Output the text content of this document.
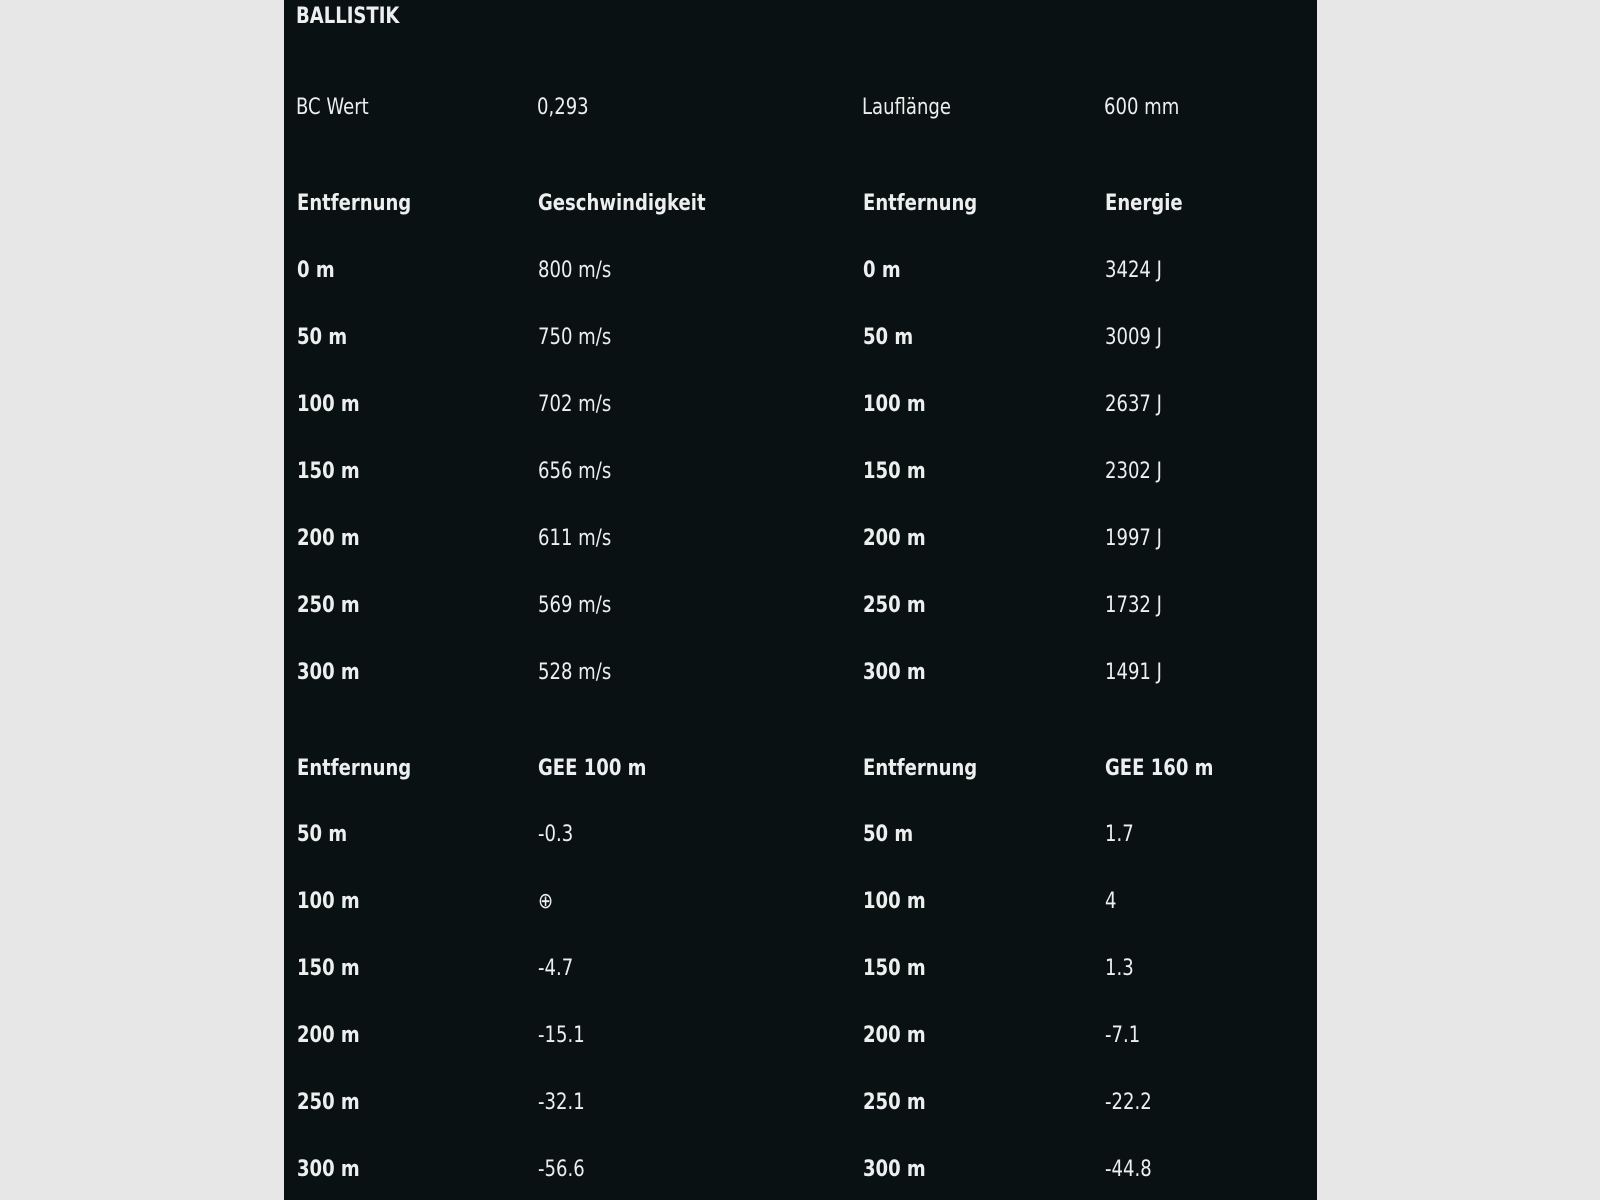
BALLISTIK
BC Wert	0,293	Lauflänge	600 mm
Entfernung	Geschwindigkeit	Entfernung	Energie
0 m	800 m/s	0 m	3424 J
50 m	750 m/s	50 m	3009 J
100 m	702 m/s	100 m	2637 J
150 m	656 m/s	150 m	2302 J
200 m	611 m/s	200 m	1997 J
250 m	569 m/s	250 m	1732 J
300 m	528 m/s	300 m	1491 J
Entfernung	GEE 100 m	Entfernung	GEE 160 m
50 m	-0.3	50 m	1.7
100 m	⊕	100 m	4
150 m	-4.7	150 m	1.3
200 m	-15.1	200 m	-7.1
250 m	-32.1	250 m	-22.2
300 m	-56.6	300 m	-44.8
